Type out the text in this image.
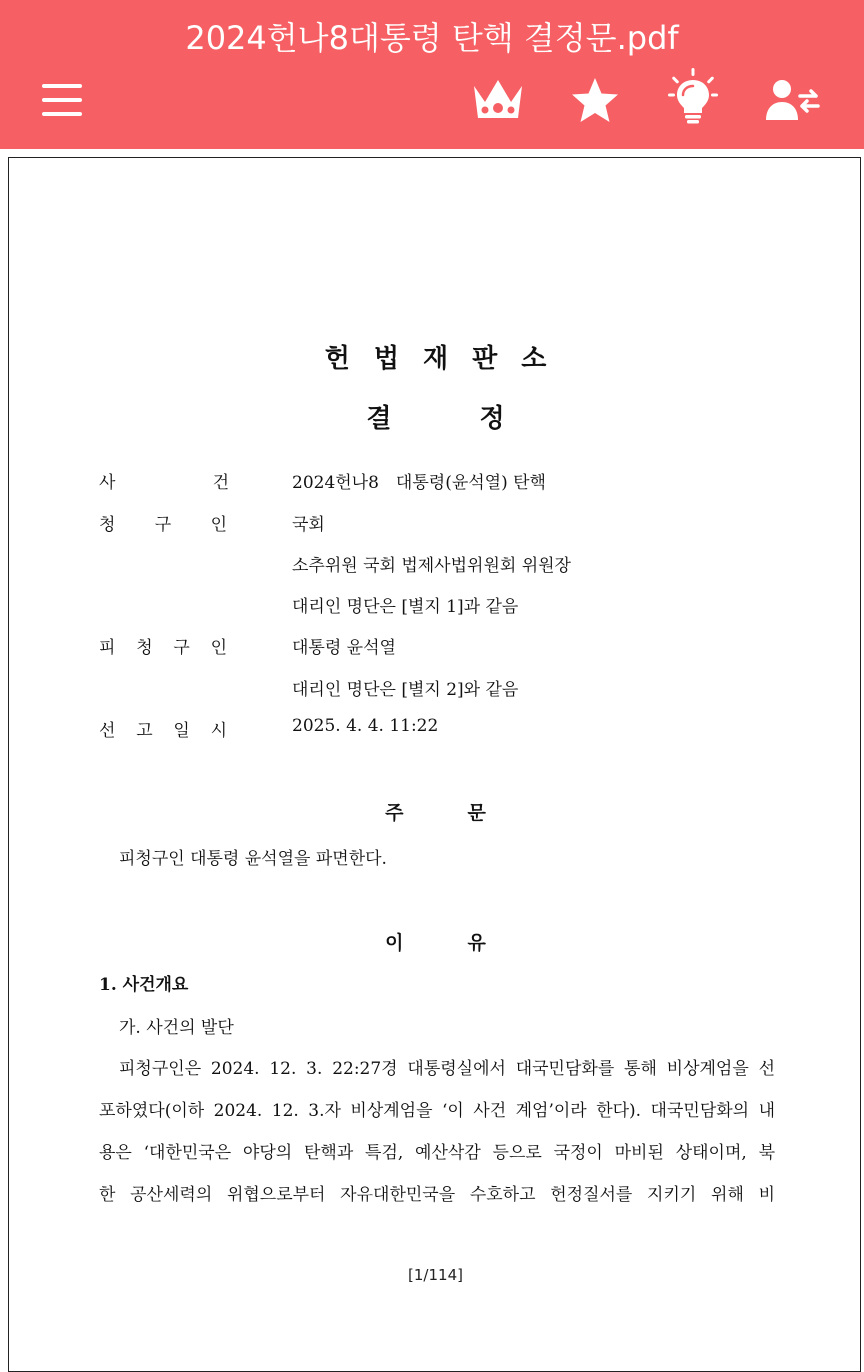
2024헌나8대통령 탄핵 결정문.pdf
헌법재판소
결	정
사	건	2024헌나8　대통령(윤석열) 탄핵
청 구 인	국회
소추위원 국회 법제사법위원회 위원장
대리인 명단은 [별지 1]과 같음
피 청 구 인	대통령 윤석열
대리인 명단은 [별지 2]와 같음
선 고 일 시	2025. 4. 4. 11:22
주	문
피청구인 대통령 윤석열을 파면한다.
이	유
1. 사건개요
가. 사건의 발단
피청구인은 2024. 12. 3. 22:27경 대통령실에서 대국민담화를 통해 비상계엄을 선
포하였다(이하 2024. 12. 3.자 비상계엄을 ‘이 사건 계엄’이라 한다). 대국민담화의 내
용은 ‘대한민국은 야당의 탄핵과 특검, 예산삭감 등으로 국정이 마비된 상태이며, 북
한 공산세력의 위협으로부터 자유대한민국을 수호하고 헌정질서를 지키기 위해 비
[1/114]
